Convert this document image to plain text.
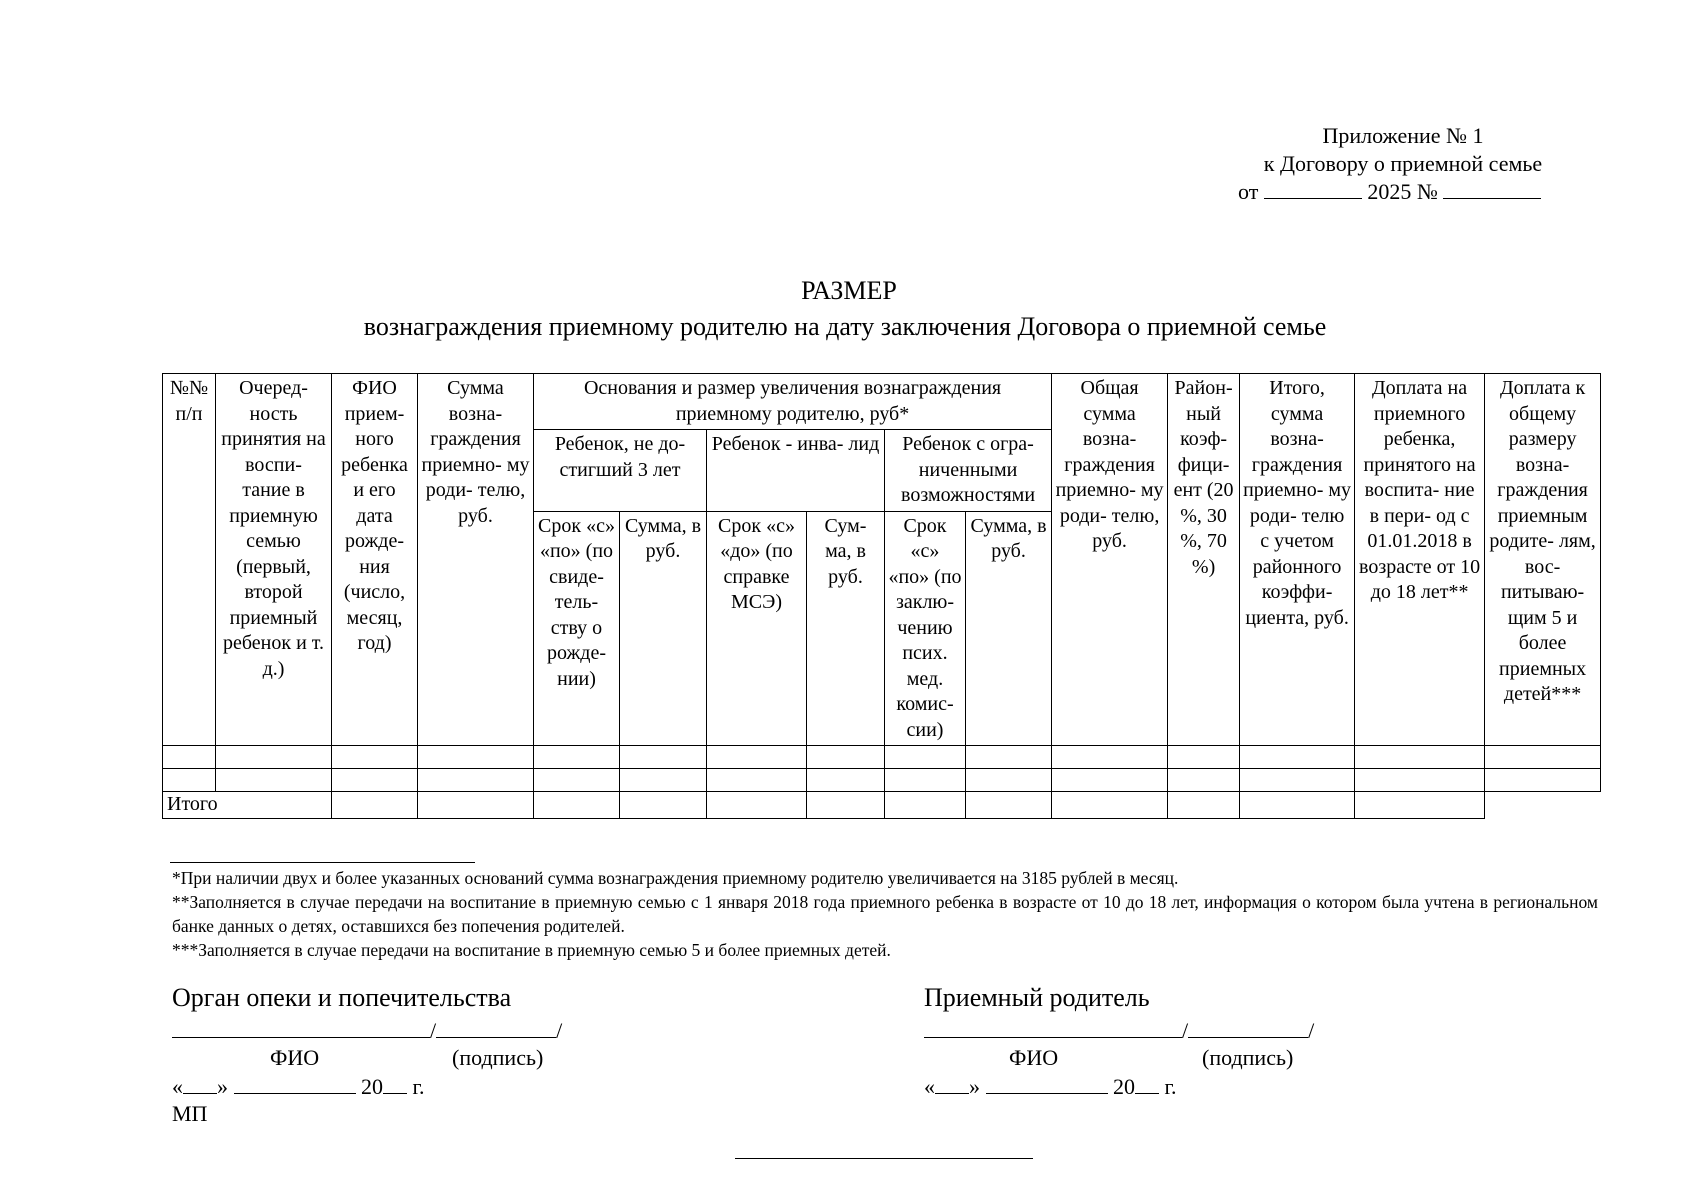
Приложение № 1
к Договору о приемной семье
от	2025 №
РАЗМЕР
вознаграждения приемному родителю на дату заключения Договора о приемной семье
№№ п/п	Очеред- ность принятия на воспи- тание в приемную семью (первый, второй приемный ребенок и т. д.)	ФИО прием- ного ребенка и его дата рожде- ния (число, месяц, год)	Сумма возна- граждения приемно- му роди- телю, руб.	Основания и размер увеличения вознаграждения приемному родителю, руб*						Общая сумма возна- граждения приемно- му роди- телю, руб.	Район- ный коэф- фици- ент (20 %, 30 %, 70 %)	Итого, сумма возна- граждения приемно- му роди- телю с учетом районного коэффи- циента, руб.	Доплата на приемного ребенка, принятого на воспита- ние в пери- од с 01.01.2018 в возрасте от 10 до 18 лет**	Доплата к общему размеру возна- граждения приемным родите- лям, вос- питываю- щим 5 и более приемных детей***
				Ребенок, не до- стигший 3 лет		Ребенок - инва- лид		Ребенок с огра- ниченными возможностями						
				Срок «с» «по» (по свиде- тель- ству о рожде- нии)	Сумма, в руб.	Срок «с» «до» (по справке МСЭ)	Сум- ма, в руб.	Срок «с» «по» (по заклю- чению псих. мед. комис- сии)	Сумма, в руб.					

Итого														

*При наличии двух и более указанных оснований сумма вознаграждения приемному родителю увеличивается на 3185 рублей в месяц.

**Заполняется в случае передачи на воспитание в приемную семью с 1 января 2018 года приемного ребенка в возрасте от 10 до 18 лет, информация о котором была учтена в региональном банке данных о детях, оставшихся без попечения родителей.

***Заполняется в случае передачи на воспитание в приемную семью 5 и более приемных детей.

Орган опеки и попечительства
/	/
ФИО	(подпись)
« »	20 г.
МП
Приемный родитель
/	/
ФИО	(подпись)
« »	20 г.
